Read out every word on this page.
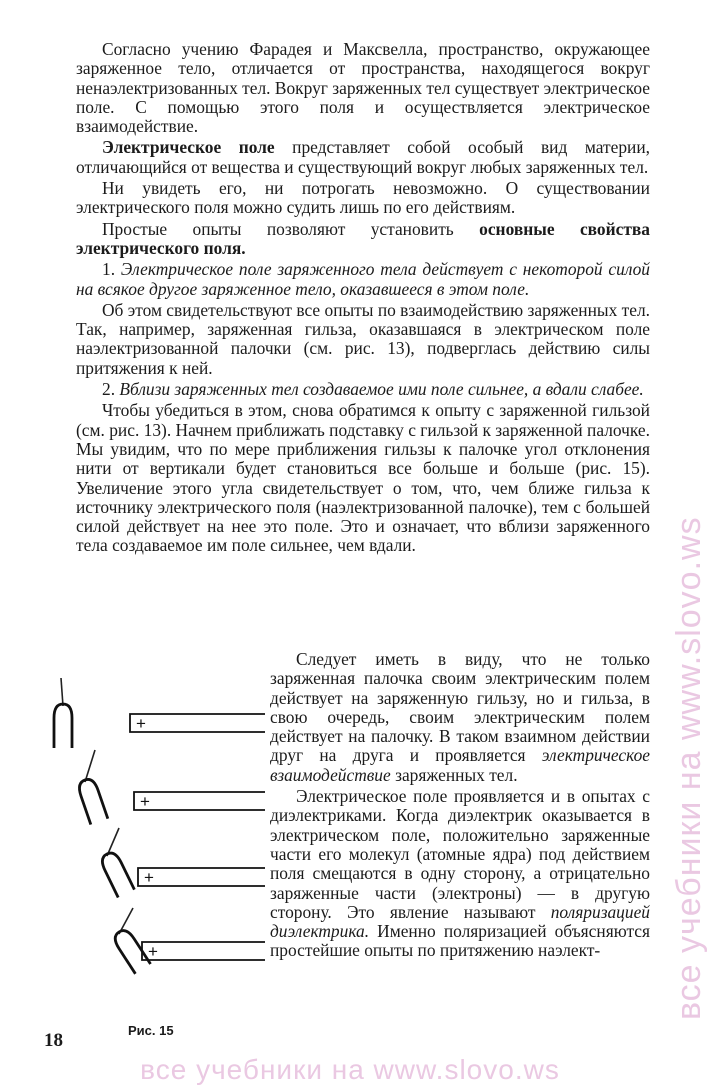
Согласно учению Фарадея и Максвелла, пространство, окружающее заряженное тело, отличается от пространства, находящегося вокруг ненаэлектризованных тел. Вокруг заряженных тел существует электрическое поле. С помощью этого поля и осуществляется электрическое взаимодействие.

Электрическое поле представляет собой особый вид материи, отличающийся от вещества и существующий вокруг любых заряженных тел.

Ни увидеть его, ни потрогать невозможно. О существовании электрического поля можно судить лишь по его действиям.

Простые опыты позволяют установить основные свойства электрического поля.

1. Электрическое поле заряженного тела действует с некоторой силой на всякое другое заряженное тело, оказавшееся в этом поле.

Об этом свидетельствуют все опыты по взаимодействию заряженных тел. Так, например, заряженная гильза, оказавшаяся в электрическом поле наэлектризованной палочки (см. рис. 13), подверглась действию силы притяжения к ней.

2. Вблизи заряженных тел создаваемое ими поле сильнее, а вдали слабее.

Чтобы убедиться в этом, снова обратимся к опыту с заряженной гильзой (см. рис. 13). Начнем приближать подставку с гильзой к заряженной палочке. Мы увидим, что по мере приближения гильзы к палочке угол отклонения нити от вертикали будет становиться все больше и больше (рис. 15). Увеличение этого угла свидетельствует о том, что, чем ближе гильза к источнику электрического поля (наэлектризованной палочке), тем с большей силой действует на нее это поле. Это и означает, что вблизи заряженного тела создаваемое им поле сильнее, чем вдали.

+
+
+
+
Рис. 15

Следует иметь в виду, что не только заряженная палочка своим электрическим полем действует на заряженную гильзу, но и гильза, в свою очередь, своим электрическим полем действует на палочку. В таком взаимном действии друг на друга и проявляется электрическое взаимодействие заряженных тел.

Электрическое поле проявляется и в опытах с диэлектриками. Когда диэлектрик оказывается в электрическом поле, положительно заряженные части его молекул (атомные ядра) под действием поля смещаются в одну сторону, а отрицательно заряженные части (электроны) — в другую сторону. Это явление называют поляризацией диэлектрика. Именно поляризацией объясняются простейшие опыты по притяжению наэлект-

18
все учебники на www.slovo.ws
все учебники на www.slovo.ws
